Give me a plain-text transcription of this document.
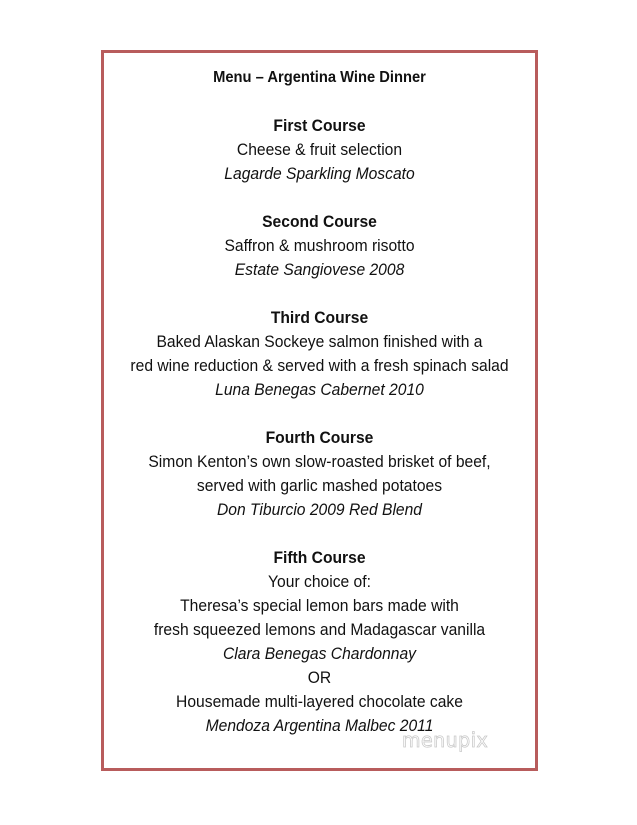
Menu – Argentina Wine Dinner
First Course
Cheese & fruit selection
Lagarde Sparkling Moscato
Second Course
Saffron & mushroom risotto
Estate Sangiovese 2008
Third Course
Baked Alaskan Sockeye salmon finished with a
red wine reduction & served with a fresh spinach salad
Luna Benegas Cabernet 2010
Fourth Course
Simon Kenton’s own slow-roasted brisket of beef,
served with garlic mashed potatoes
Don Tiburcio 2009 Red Blend
Fifth Course
Your choice of:
Theresa’s special lemon bars made with
fresh squeezed lemons and Madagascar vanilla
Clara Benegas Chardonnay
OR
Housemade multi-layered chocolate cake
Mendoza Argentina Malbec 2011
menupix
